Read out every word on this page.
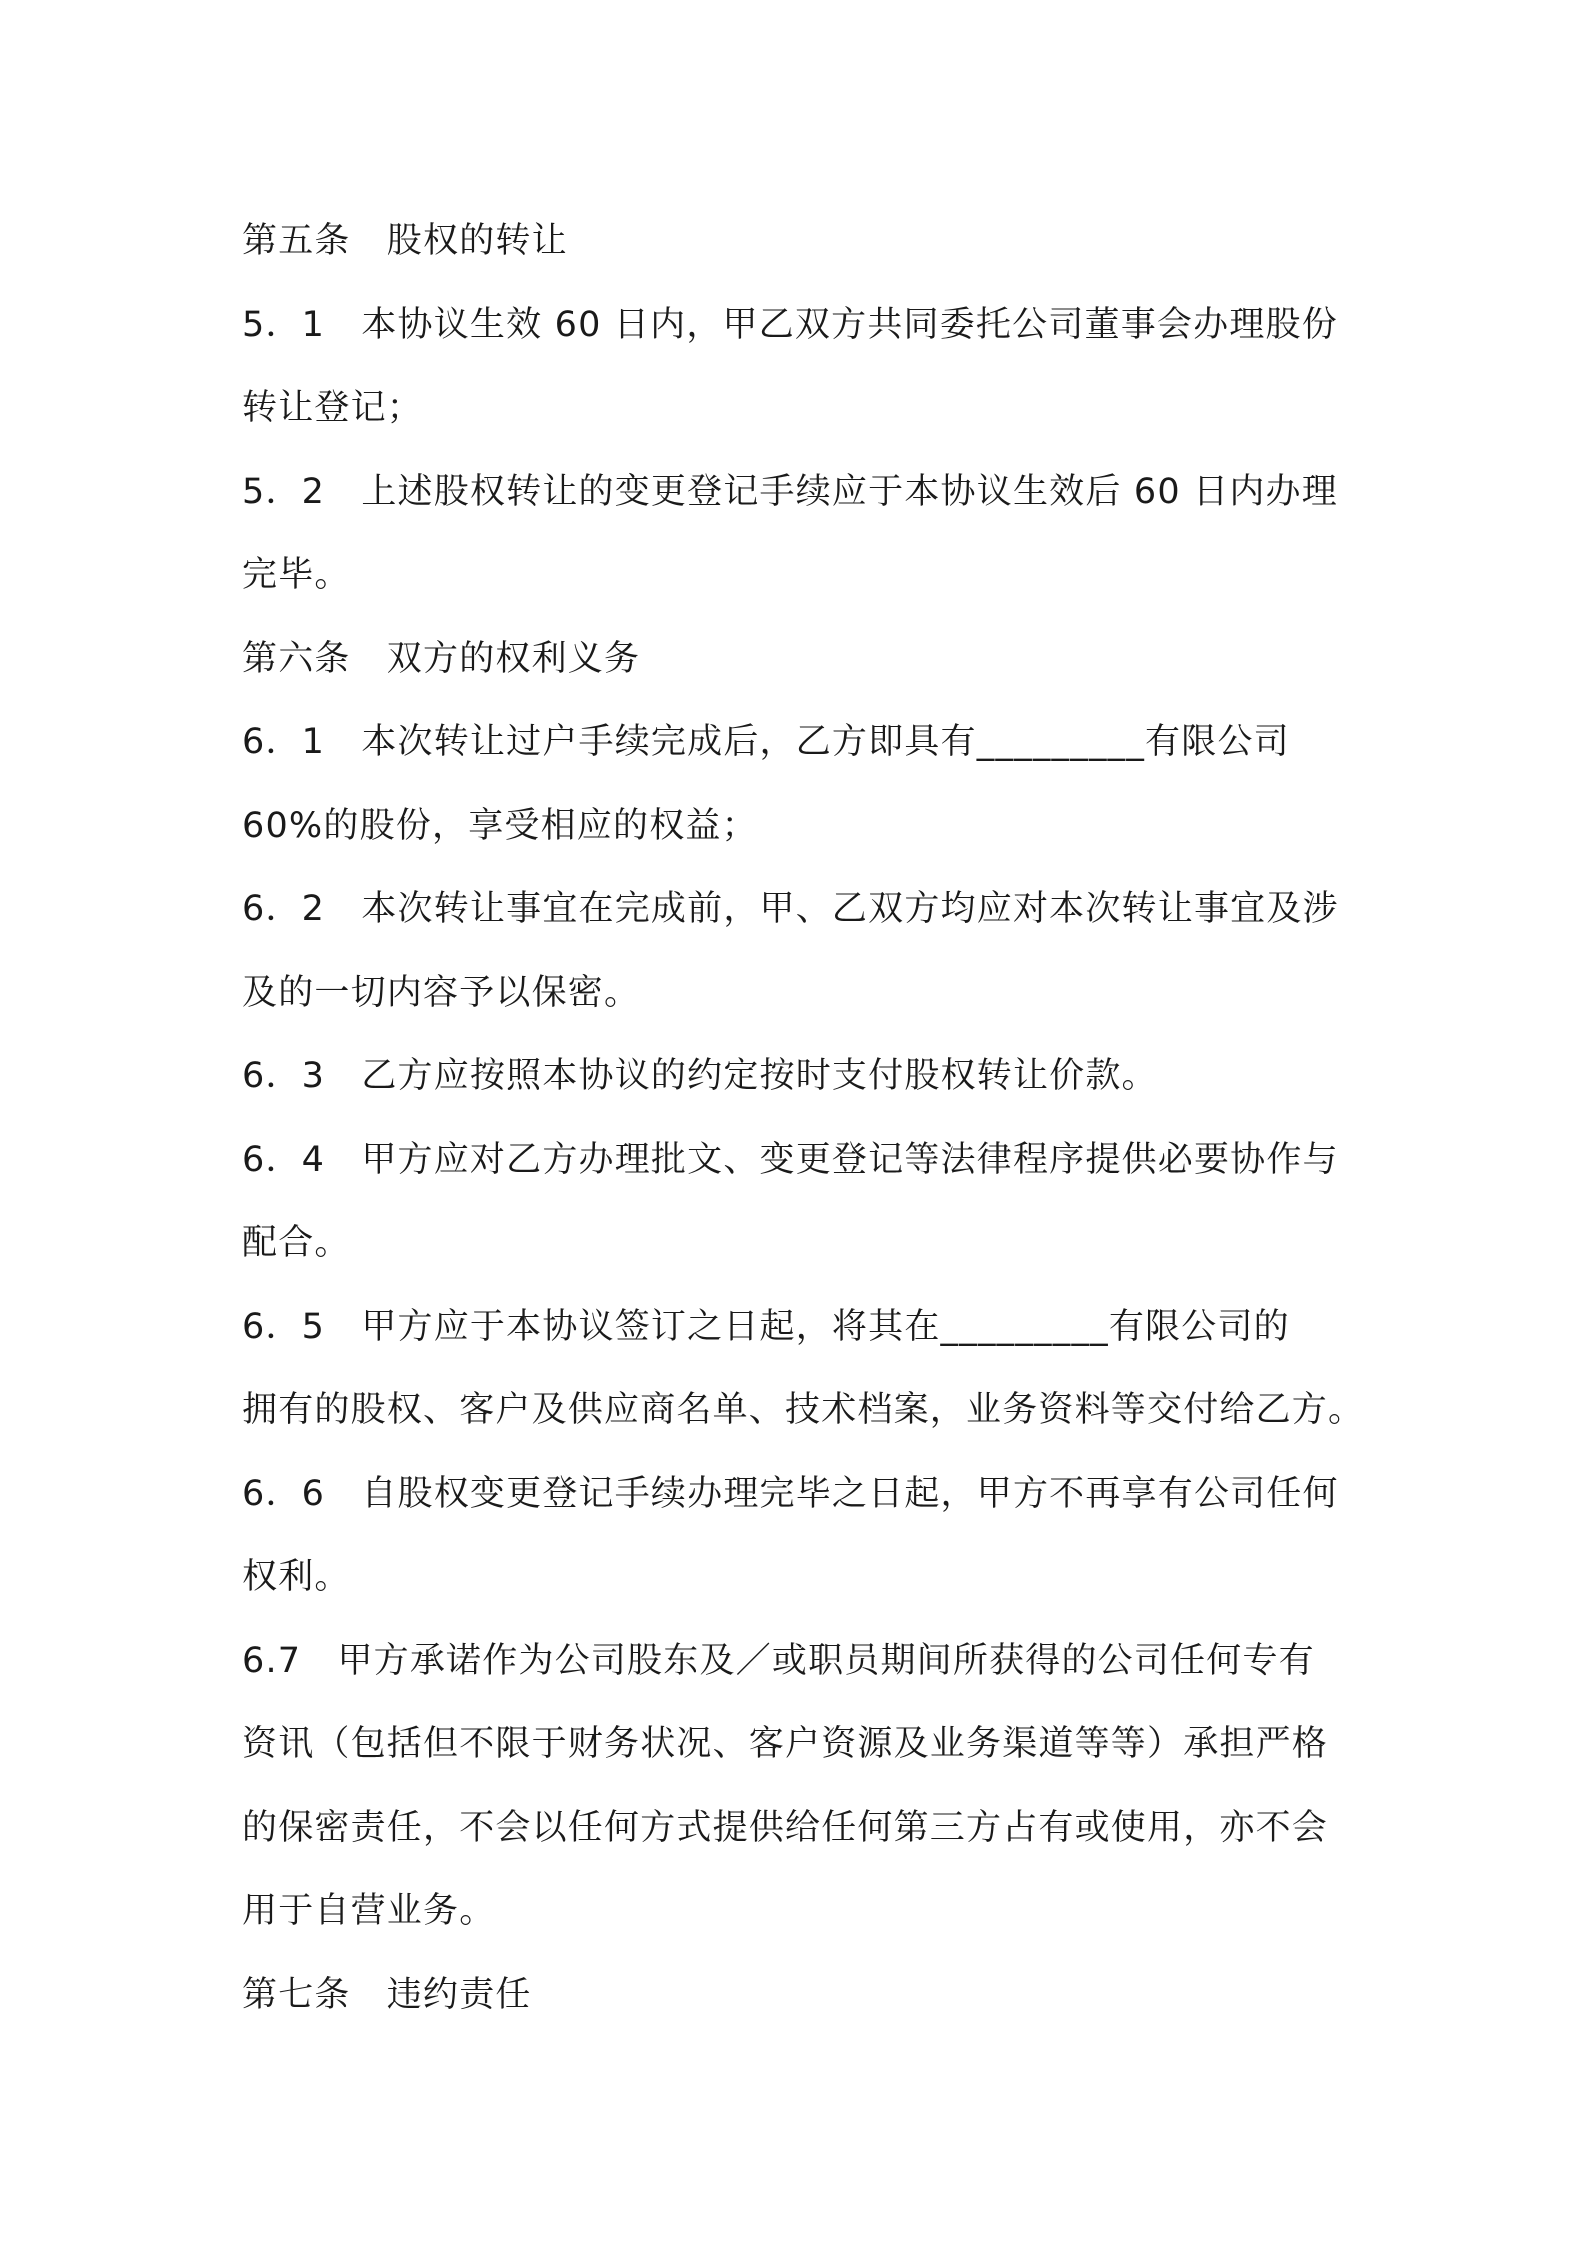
第五条　股权的转让
5．1　本协议生效 60 日内，甲乙双方共同委托公司董事会办理股份
转让登记；
5．2　上述股权转让的变更登记手续应于本协议生效后 60 日内办理
完毕。
第六条　双方的权利义务
6．1　本次转让过户手续完成后，乙方即具有_________有限公司
60%的股份，享受相应的权益；
6．2　本次转让事宜在完成前，甲、乙双方均应对本次转让事宜及涉
及的一切内容予以保密。
6．3　乙方应按照本协议的约定按时支付股权转让价款。
6．4　甲方应对乙方办理批文、变更登记等法律程序提供必要协作与
配合。
6．5　甲方应于本协议签订之日起，将其在_________有限公司的
拥有的股权、客户及供应商名单、技术档案，业务资料等交付给乙方。
6．6　自股权变更登记手续办理完毕之日起，甲方不再享有公司任何
权利。
6.7　甲方承诺作为公司股东及／或职员期间所获得的公司任何专有
资讯（包括但不限于财务状况、客户资源及业务渠道等等）承担严格
的保密责任，不会以任何方式提供给任何第三方占有或使用，亦不会
用于自营业务。
第七条　违约责任
